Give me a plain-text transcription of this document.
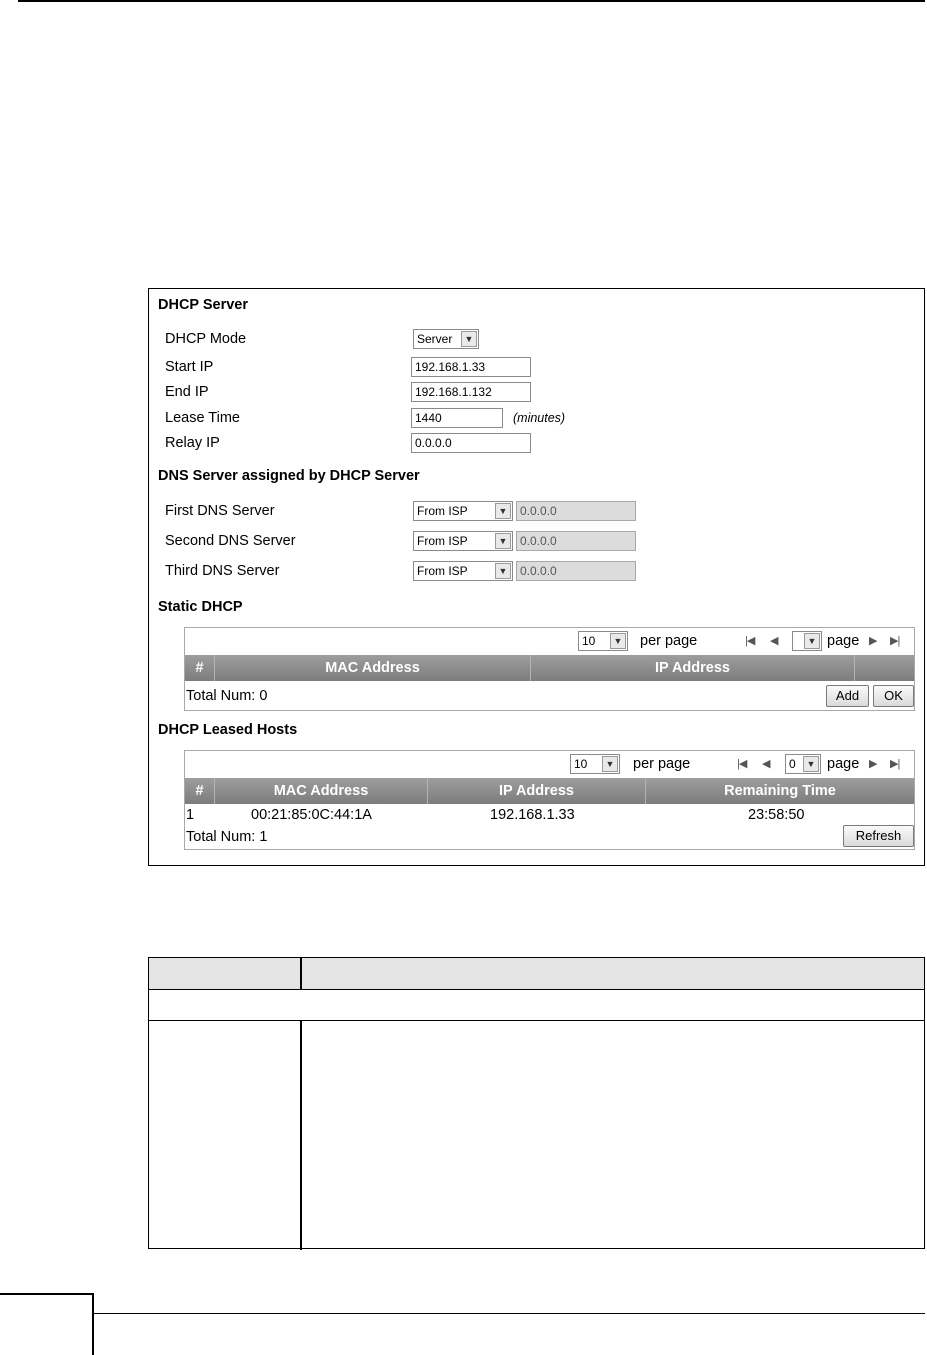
DHCP Server
DHCP Mode	Server	▼
Start IP	192.168.1.33
End IP	192.168.1.132
Lease Time	1440	(minutes)
Relay IP	0.0.0.0
DNS Server assigned by DHCP Server
First DNS Server	From ISP	▼	0.0.0.0
Second DNS Server	From ISP	▼	0.0.0.0
Third DNS Server	From ISP	▼	0.0.0.0
Static DHCP
10	▼ per page	|◀ ◀	▼ page ▶ ▶|
#	MAC Address	IP Address
Total Num: 0	Add	OK
DHCP Leased Hosts
10	▼ per page	|◀ ◀	0	▼ page ▶ ▶|
#	MAC Address	IP Address	Remaining Time
1	00:21:85:0C:44:1A	192.168.1.33	23:58:50
Total Num: 1	Refresh
